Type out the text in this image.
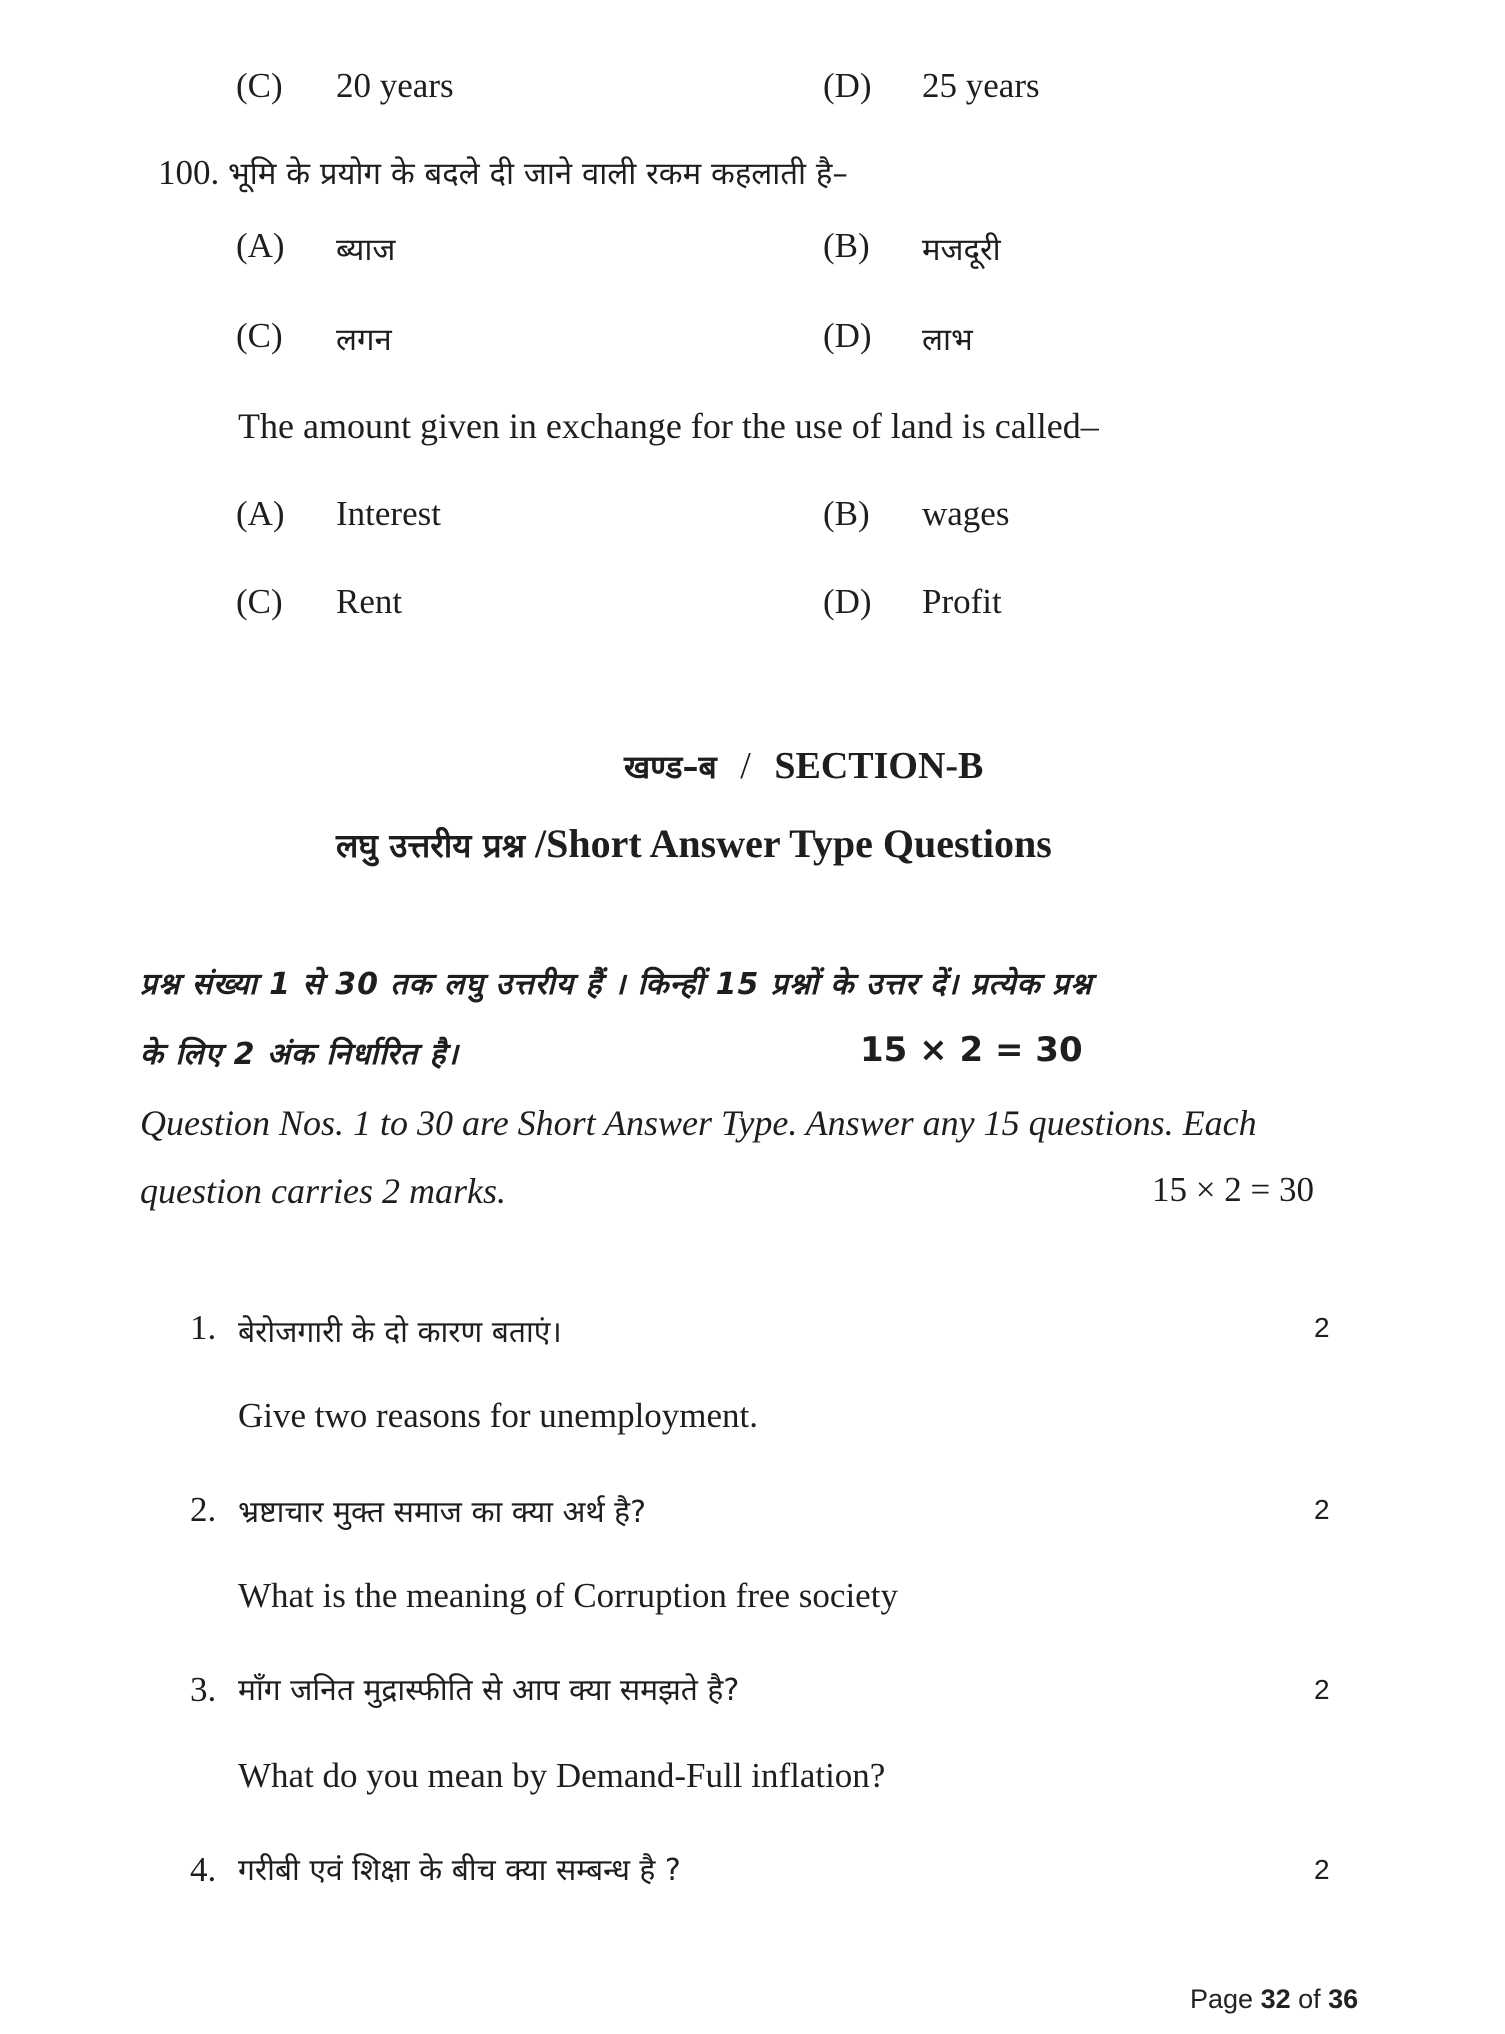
(C) 20 years	(D) 25 years
100. भूमि के प्रयोग के बदले दी जाने वाली रकम कहलाती है–
(A) ब्याज	(B) मजदूरी
(C) लगन	(D) लाभ
The amount given in exchange for the use of land is called–
(A) Interest	(B) wages
(C) Rent	(D) Profit
खण्ड–ब / SECTION-B
लघु उत्तरीय प्रश्न /Short Answer Type Questions
प्रश्न संख्या 1 से 30 तक लघु उत्तरीय हैं । किन्हीं 15 प्रश्नों के उत्तर दें। प्रत्येक प्रश्न
के लिए 2 अंक निर्धारित है।	15 × 2 = 30
Question Nos. 1 to 30 are Short Answer Type. Answer any 15 questions. Each
question carries 2 marks.	15 × 2 = 30
1. बेरोजगारी के दो कारण बताएं।	2
Give two reasons for unemployment.
2. भ्रष्टाचार मुक्त समाज का क्या अर्थ है?	2
What is the meaning of Corruption free society
3. माँग जनित मुद्रास्फीति से आप क्या समझते है?	2
What do you mean by Demand-Full inflation?
4. गरीबी एवं शिक्षा के बीच क्या सम्बन्ध है ?	2
Page 32 of 36
